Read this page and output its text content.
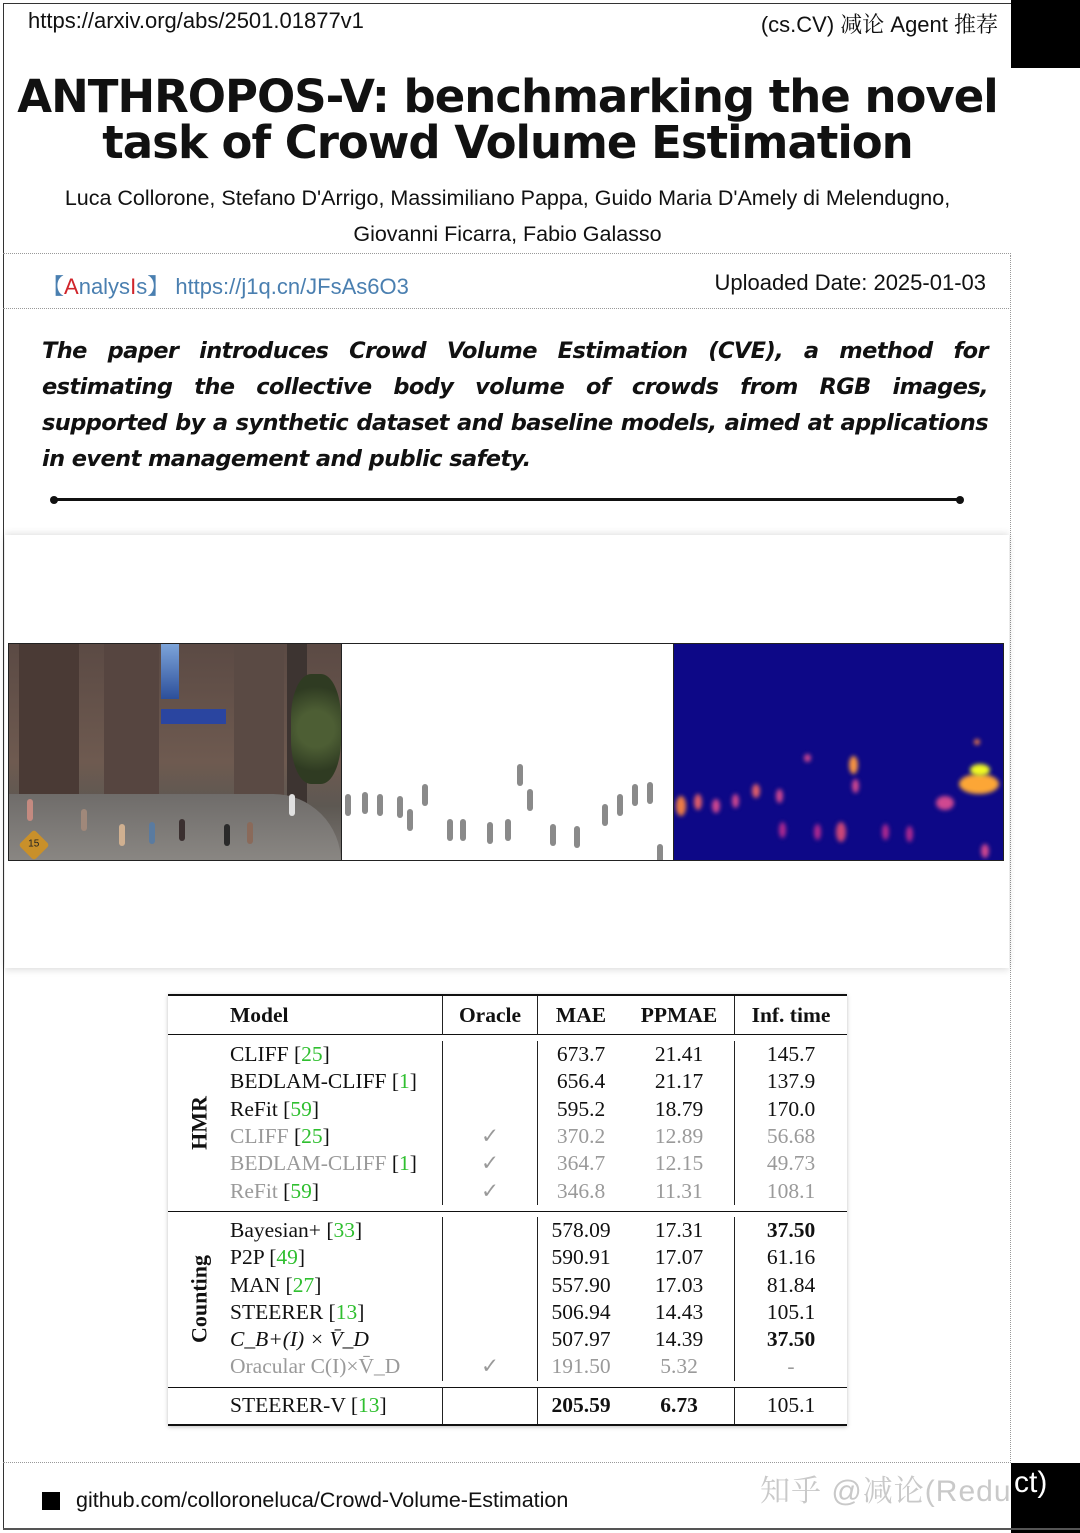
https://arxiv.org/abs/2501.01877v1	(cs.CV) 减论 Agent 推荐
ANTHROPOS-V: benchmarking the novel
task of Crowd Volume Estimation
Luca Collorone, Stefano D'Arrigo, Massimiliano Pappa, Guido Maria D'Amely di Melendugno,
Giovanni Ficarra, Fabio Galasso
【AnalysIs】 https://j1q.cn/JFsAs6O3	Uploaded Date: 2025-01-03
The paper introduces Crowd Volume Estimation (CVE), a method for estimating the collective body volume of crowds from RGB images, supported by a synthetic dataset and baseline models, aimed at applications in event management and public safety.
15
	Model	Oracle	MAE	PPMAE	Inf. time

HMR	CLIFF [25]		673.7	21.41	145.7
	BEDLAM-CLIFF [1]		656.4	21.17	137.9
	ReFit [59]		595.2	18.79	170.0
	CLIFF [25]	✓	370.2	12.89	56.68
	BEDLAM-CLIFF [1]	✓	364.7	12.15	49.73
	ReFit [59]	✓	346.8	11.31	108.1

Counting	Bayesian+ [33]		578.09	17.31	37.50
	P2P [49]		590.91	17.07	61.16
	MAN [27]		557.90	17.03	81.84
	STEERER [13]		506.94	14.43	105.1
	C_B+(I) × V̄_D		507.97	14.39	37.50
	Oracular C(I)×V̄_D	✓	191.50	5.32	-

	STEERER-V [13]		205.59	6.73	105.1
github.com/colloroneluca/Crowd-Volume-Estimation	知乎 @减论(Redu ct)
